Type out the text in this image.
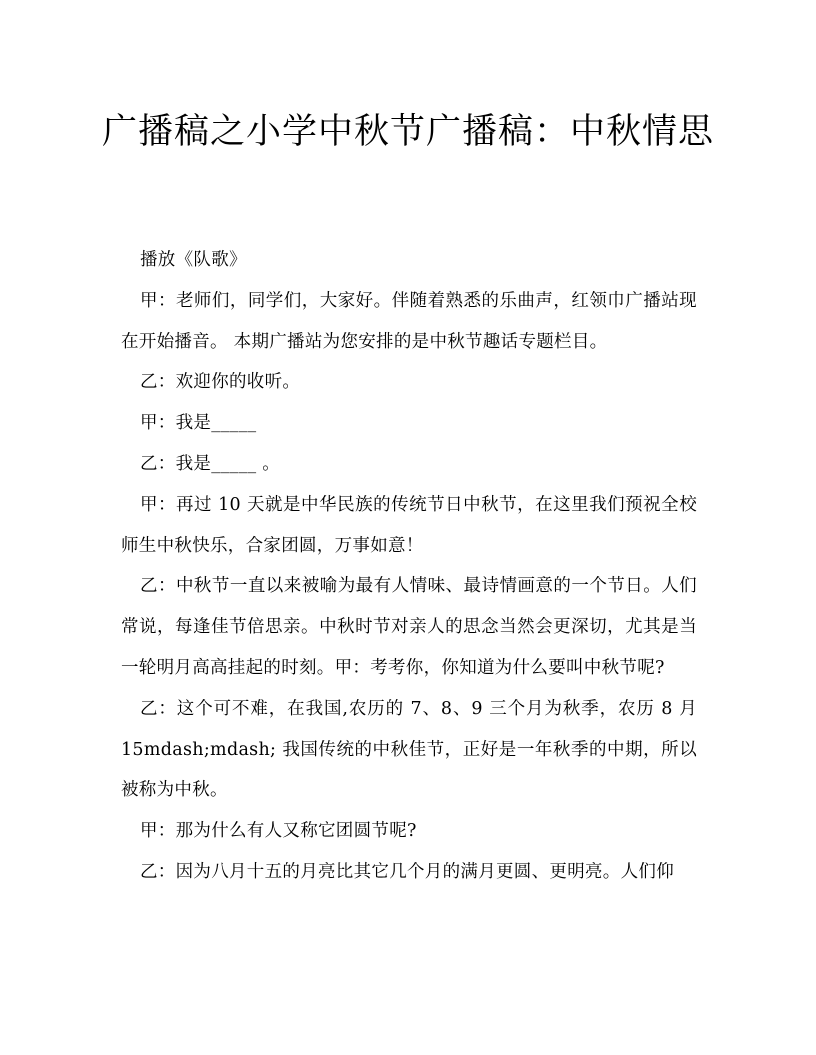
广播稿之小学中秋节广播稿：中秋情思

播放《队歌》

甲：老师们，同学们，大家好。伴随着熟悉的乐曲声，红领巾广播站现在开始播音。 本期广播站为您安排的是中秋节趣话专题栏目。

乙：欢迎你的收听。

甲：我是_____

乙：我是_____ 。

甲：再过 10 天就是中华民族的传统节日中秋节，在这里我们预祝全校师生中秋快乐，合家团圆，万事如意！

乙：中秋节一直以来被喻为最有人情味、最诗情画意的一个节日。人们常说，每逢佳节倍思亲。中秋时节对亲人的思念当然会更深切，尤其是当一轮明月高高挂起的时刻。甲：考考你，你知道为什么要叫中秋节呢?

乙：这个可不难，在我国,农历的 7、8、9 三个月为秋季，农历 8 月 15mdash;mdash; 我国传统的中秋佳节，正好是一年秋季的中期，所以被称为中秋。

甲：那为什么有人又称它团圆节呢?

乙：因为八月十五的月亮比其它几个月的满月更圆、更明亮。人们仰
